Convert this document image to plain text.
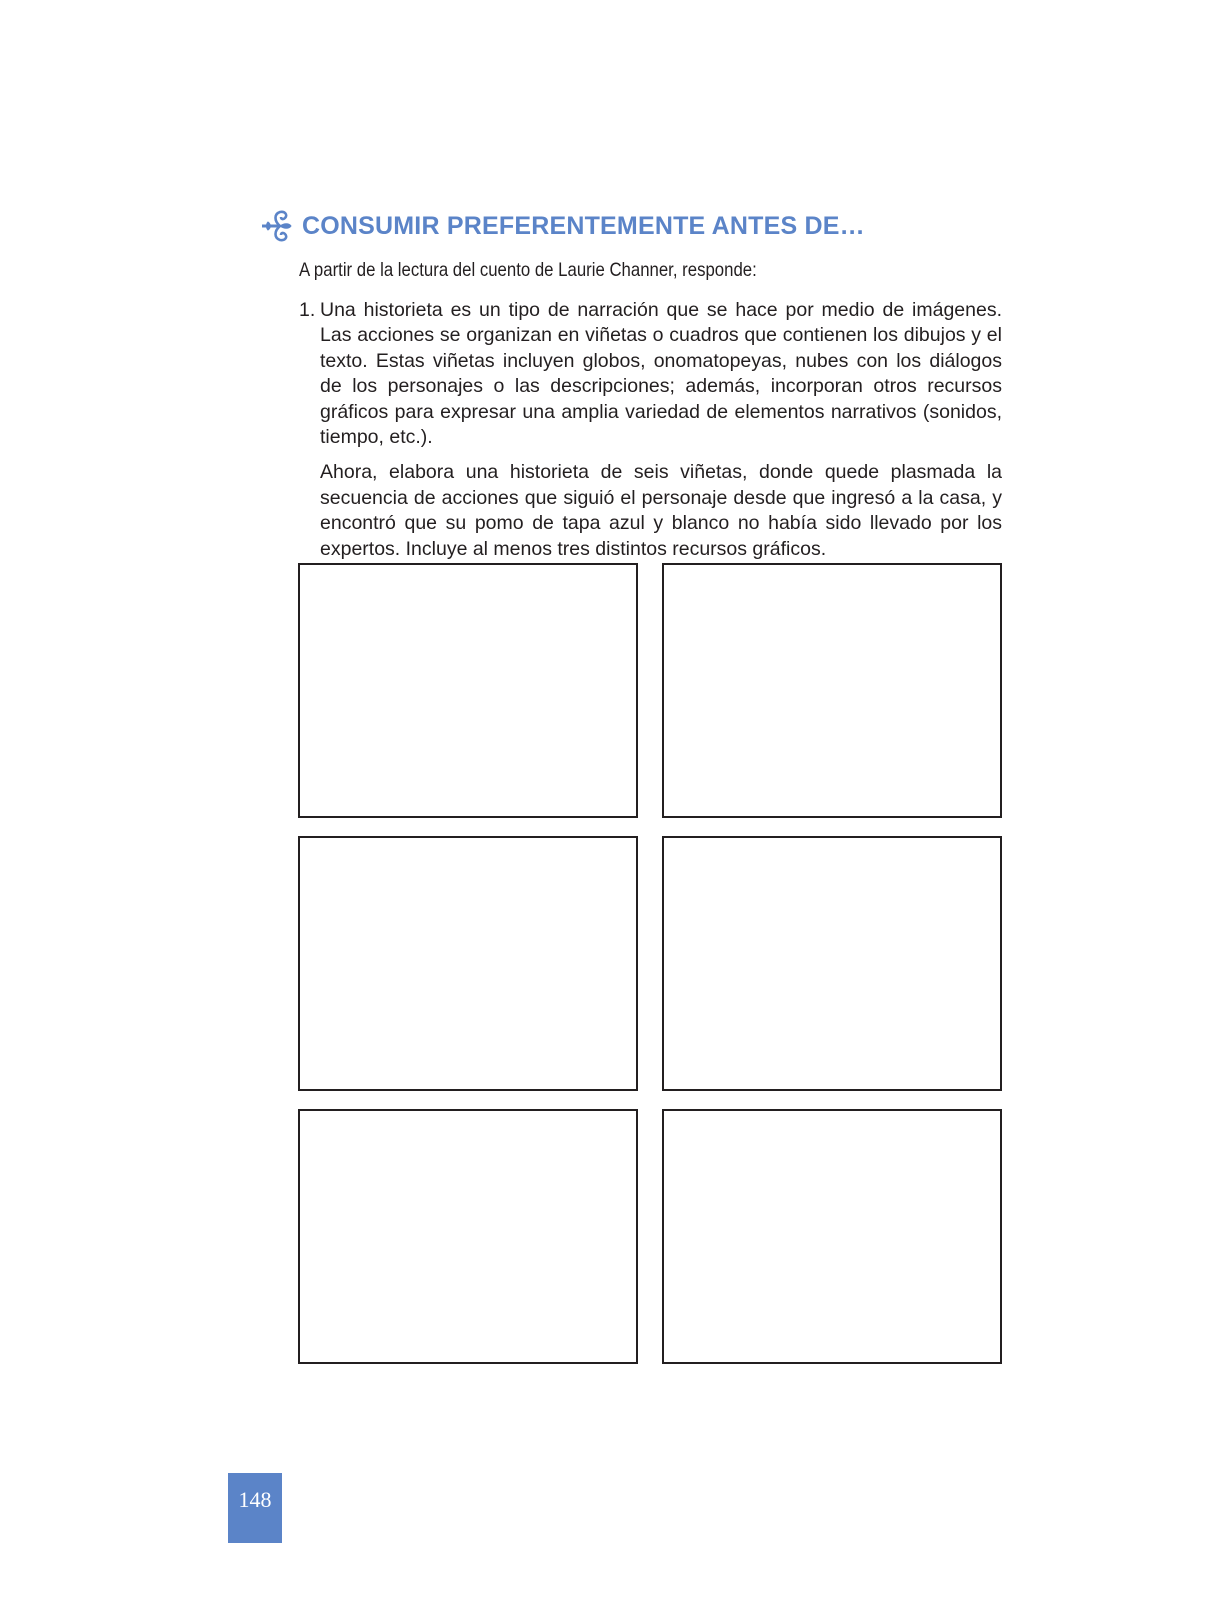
CONSUMIR PREFERENTEMENTE ANTES DE…
A partir de la lectura del cuento de Laurie Channer, responde:
1. Una historieta es un tipo de narración que se hace por medio de imágenes. Las acciones se organizan en viñetas o cuadros que contienen los dibujos y el texto. Estas viñetas incluyen globos, onomatopeyas, nubes con los diálogos de los personajes o las descripciones; además, incorporan otros recursos gráficos para expresar una amplia variedad de elementos narrativos (sonidos, tiempo, etc.).

Ahora, elabora una historieta de seis viñetas, donde quede plasmada la secuencia de acciones que siguió el personaje desde que ingresó a la casa, y encontró que su pomo de tapa azul y blanco no había sido llevado por los expertos. Incluye al menos tres distintos recursos gráficos.

148
